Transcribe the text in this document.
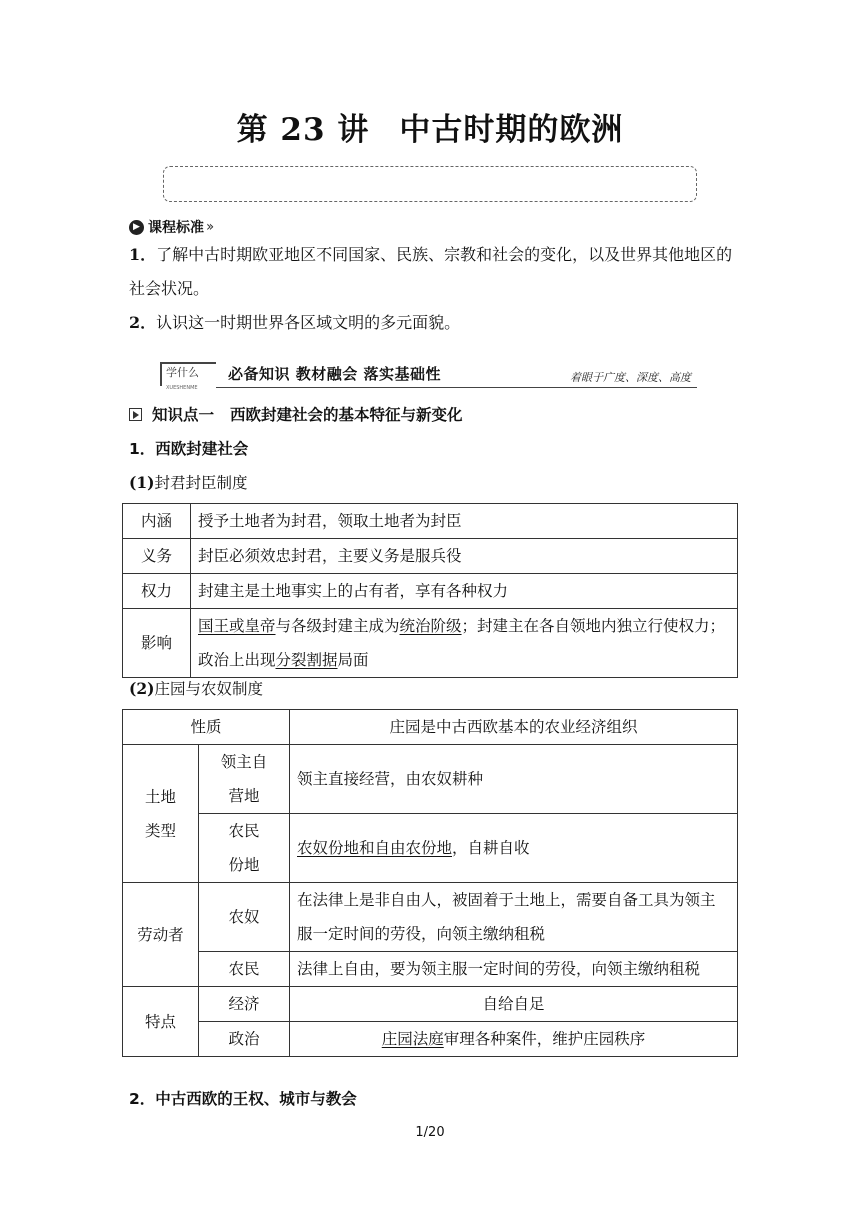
第 23 讲 中古时期的欧洲
▶ 课程标准 ››
1．了解中古时期欧亚地区不同国家、民族、宗教和社会的变化，以及世界其他地区的社会状况。
2．认识这一时期世界各区域文明的多元面貌。
学什么
XUESHENME
必备知识 教材融会 落实基础性	着眼于广度、深度、高度
知识点一 西欧封建社会的基本特征与新变化
1．西欧封建社会
(1)封君封臣制度
内涵	授予土地者为封君，领取土地者为封臣
义务	封臣必须效忠封君，主要义务是服兵役
权力	封建主是土地事实上的占有者，享有各种权力
影响	国王或皇帝与各级封建主成为统治阶级；封建主在各自领地内独立行使权力；政治上出现分裂割据局面
(2)庄园与农奴制度
性质		庄园是中古西欧基本的农业经济组织
土地类型	领主自营地	领主直接经营，由农奴耕种
	农民份地	农奴份地和自由农份地，自耕自收
劳动者	农奴	在法律上是非自由人，被固着于土地上，需要自备工具为领主服一定时间的劳役，向领主缴纳租税
	农民	法律上自由，要为领主服一定时间的劳役，向领主缴纳租税
特点	经济	自给自足
	政治	庄园法庭审理各种案件，维护庄园秩序
2．中古西欧的王权、城市与教会
1/20
